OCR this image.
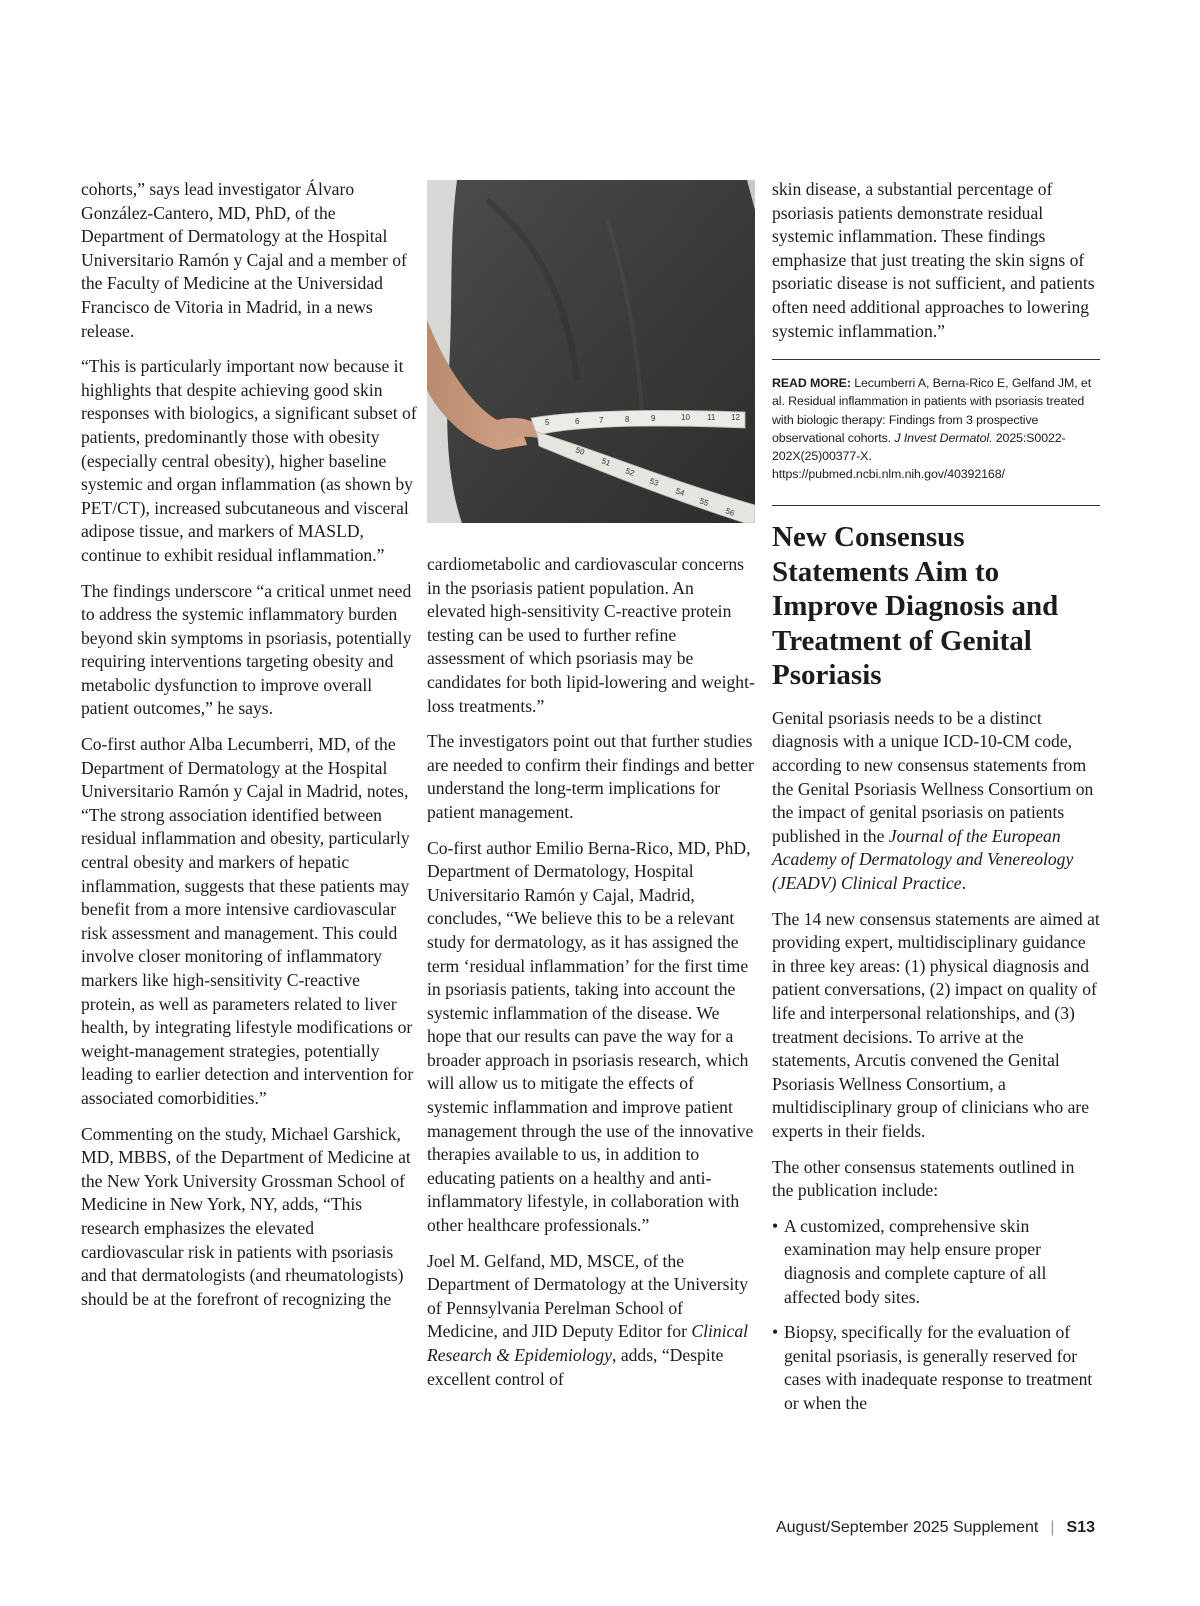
cohorts,” says lead investigator Álvaro González-Cantero, MD, PhD, of the Department of Dermatology at the Hospital Universitario Ramón y Cajal and a member of the Faculty of Medicine at the Universidad Francisco de Vitoria in Madrid, in a news release.

“This is particularly important now because it highlights that despite achieving good skin responses with biologics, a significant subset of patients, predominantly those with obesity (especially central obesity), higher baseline systemic and organ inflammation (as shown by PET/CT), increased subcutaneous and visceral adipose tissue, and markers of MASLD, continue to exhibit residual inflammation.”

The findings underscore “a critical unmet need to address the systemic inflammatory burden beyond skin symptoms in psoriasis, potentially requiring interventions targeting obesity and metabolic dysfunction to improve overall patient outcomes,” he says.

Co-first author Alba Lecumberri, MD, of the Department of Dermatology at the Hospital Universitario Ramón y Cajal in Madrid, notes, “The strong association identified between residual inflammation and obesity, particularly central obesity and markers of hepatic inflammation, suggests that these patients may benefit from a more intensive cardiovascular risk assessment and management. This could involve closer monitoring of inflammatory markers like high-sensitivity C-reactive protein, as well as parameters related to liver health, by integrating lifestyle modifications or weight-management strategies, potentially leading to earlier detection and intervention for associated comorbidities.”

Commenting on the study, Michael Garshick, MD, MBBS, of the Department of Medicine at the New York University Grossman School of Medicine in New York, NY, adds, “This research emphasizes the elevated cardiovascular risk in patients with psoriasis and that dermatologists (and rheumatologists) should be at the forefront of recognizing the

5	6 7	8	9	10 11 12
50
51
52
53
54
55
56

cardiometabolic and cardiovascular concerns in the psoriasis patient population. An elevated high-sensitivity C-reactive protein testing can be used to further refine assessment of which psoriasis may be candidates for both lipid-lowering and weight-loss treatments.”

The investigators point out that further studies are needed to confirm their findings and better understand the long-term implications for patient management.

Co-first author Emilio Berna-Rico, MD, PhD, Department of Dermatology, Hospital Universitario Ramón y Cajal, Madrid, concludes, “We believe this to be a relevant study for dermatology, as it has assigned the term ‘residual inflammation’ for the first time in psoriasis patients, taking into account the systemic inflammation of the disease. We hope that our results can pave the way for a broader approach in psoriasis research, which will allow us to mitigate the effects of systemic inflammation and improve patient management through the use of the innovative therapies available to us, in addition to educating patients on a healthy and anti-inflammatory lifestyle, in collaboration with other healthcare professionals.”

Joel M. Gelfand, MD, MSCE, of the Department of Dermatology at the University of Pennsylvania Perelman School of Medicine, and JID Deputy Editor for Clinical Research & Epidemiology, adds, “Despite excellent control of

skin disease, a substantial percentage of psoriasis patients demonstrate residual systemic inflammation. These findings emphasize that just treating the skin signs of psoriatic disease is not sufficient, and patients often need additional approaches to lowering systemic inflammation.”

READ MORE: Lecumberri A, Berna-Rico E, Gelfand JM, et al. Residual inflammation in patients with psoriasis treated with biologic therapy: Findings from 3 prospective observational cohorts. J Invest Dermatol. 2025:S0022-202X(25)00377-X. https://pubmed.ncbi.nlm.nih.gov/40392168/
New Consensus Statements Aim to Improve Diagnosis and Treatment of Genital Psoriasis

Genital psoriasis needs to be a distinct diagnosis with a unique ICD-10-CM code, according to new consensus statements from the Genital Psoriasis Wellness Consortium on the impact of genital psoriasis on patients published in the Journal of the European Academy of Dermatology and Venereology (JEADV) Clinical Practice.

The 14 new consensus statements are aimed at providing expert, multidisciplinary guidance in three key areas: (1) physical diagnosis and patient conversations, (2) impact on quality of life and interpersonal relationships, and (3) treatment decisions. To arrive at the statements, Arcutis convened the Genital Psoriasis Wellness Consortium, a multidisciplinary group of clinicians who are experts in their fields.

The other consensus statements outlined in the publication include:

• A customized, comprehensive skin examination may help ensure proper diagnosis and complete capture of all affected body sites.
• Biopsy, specifically for the evaluation of genital psoriasis, is generally reserved for cases with inadequate response to treatment or when the
August/September 2025 Supplement | S13
